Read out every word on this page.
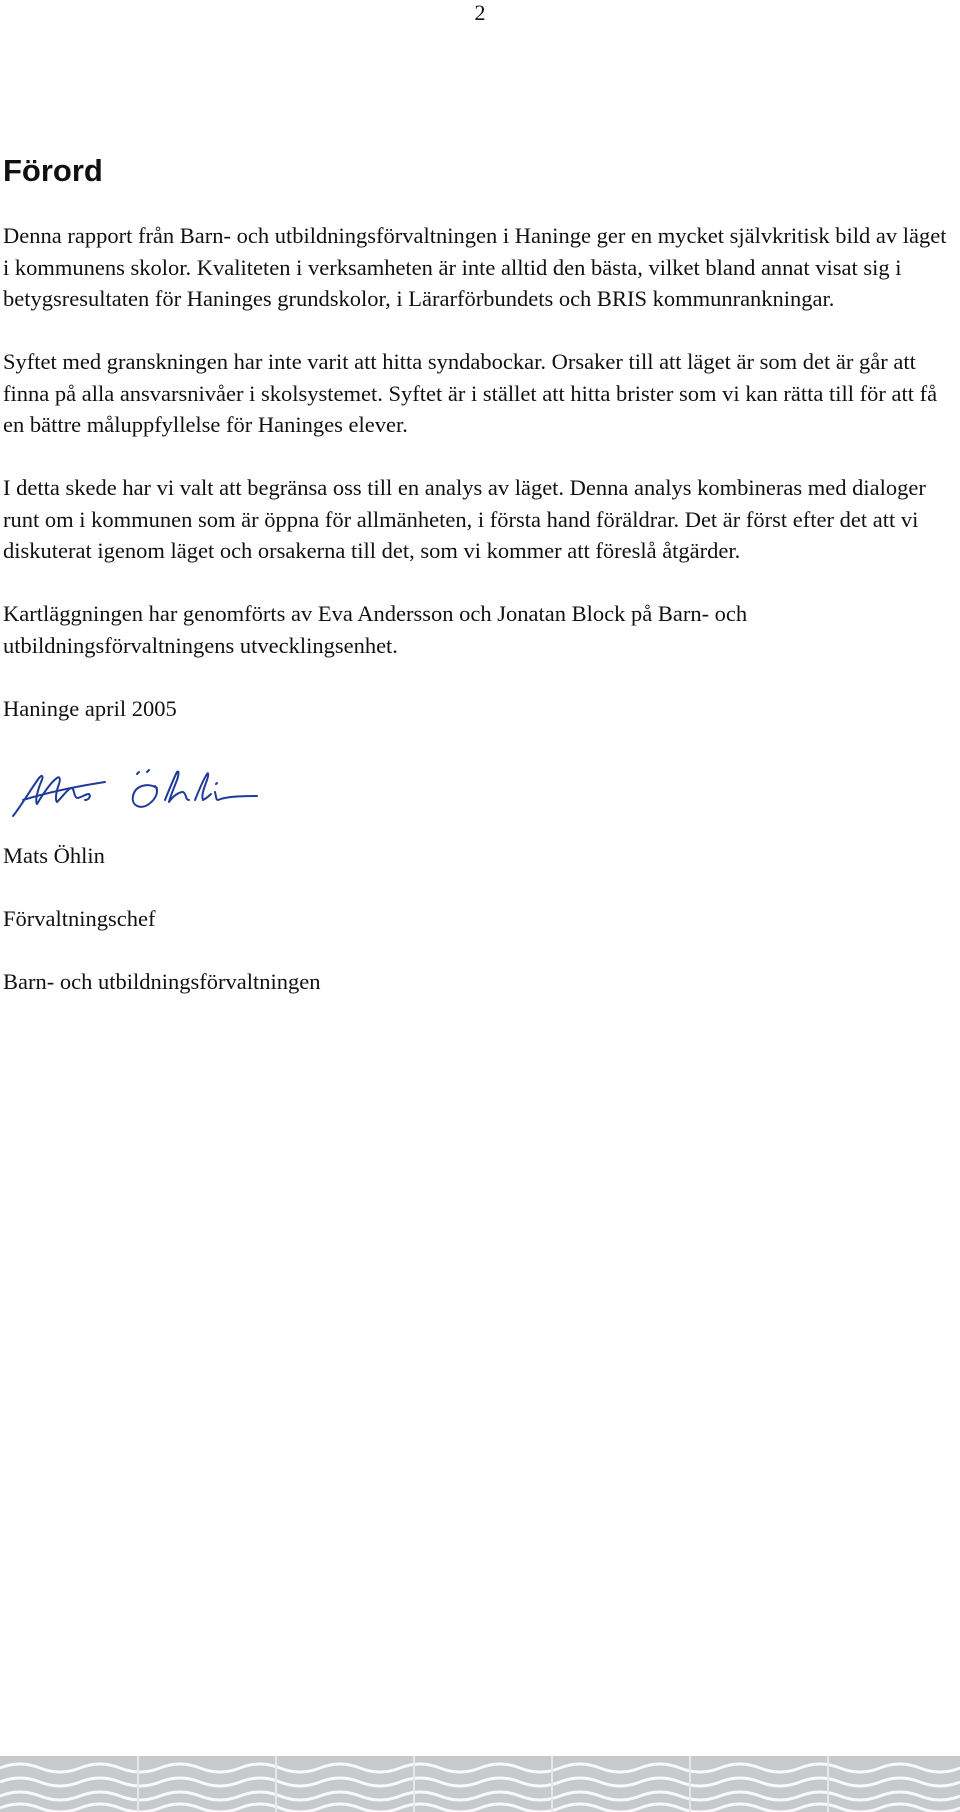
2
Förord

Denna rapport från Barn- och utbildningsförvaltningen i Haninge ger en mycket självkritisk bild av läget i kommunens skolor. Kvaliteten i verksamheten är inte alltid den bästa, vilket bland annat visat sig i betygsresultaten för Haninges grundskolor, i Lärarförbundets och BRIS kommunrankningar.

Syftet med granskningen har inte varit att hitta syndabockar. Orsaker till att läget är som det är går att finna på alla ansvarsnivåer i skolsystemet. Syftet är i stället att hitta brister som vi kan rätta till för att få en bättre måluppfyllelse för Haninges elever.

I detta skede har vi valt att begränsa oss till en analys av läget. Denna analys kombineras med dialoger runt om i kommunen som är öppna för allmänheten, i första hand föräldrar. Det är först efter det att vi diskuterat igenom läget och orsakerna till det, som vi kommer att föreslå åtgärder.

Kartläggningen har genomförts av Eva Andersson och Jonatan Block på Barn- och utbildningsförvaltningens utvecklingsenhet.

Haninge april 2005

Mats Öhlin

Förvaltningschef

Barn- och utbildningsförvaltningen
